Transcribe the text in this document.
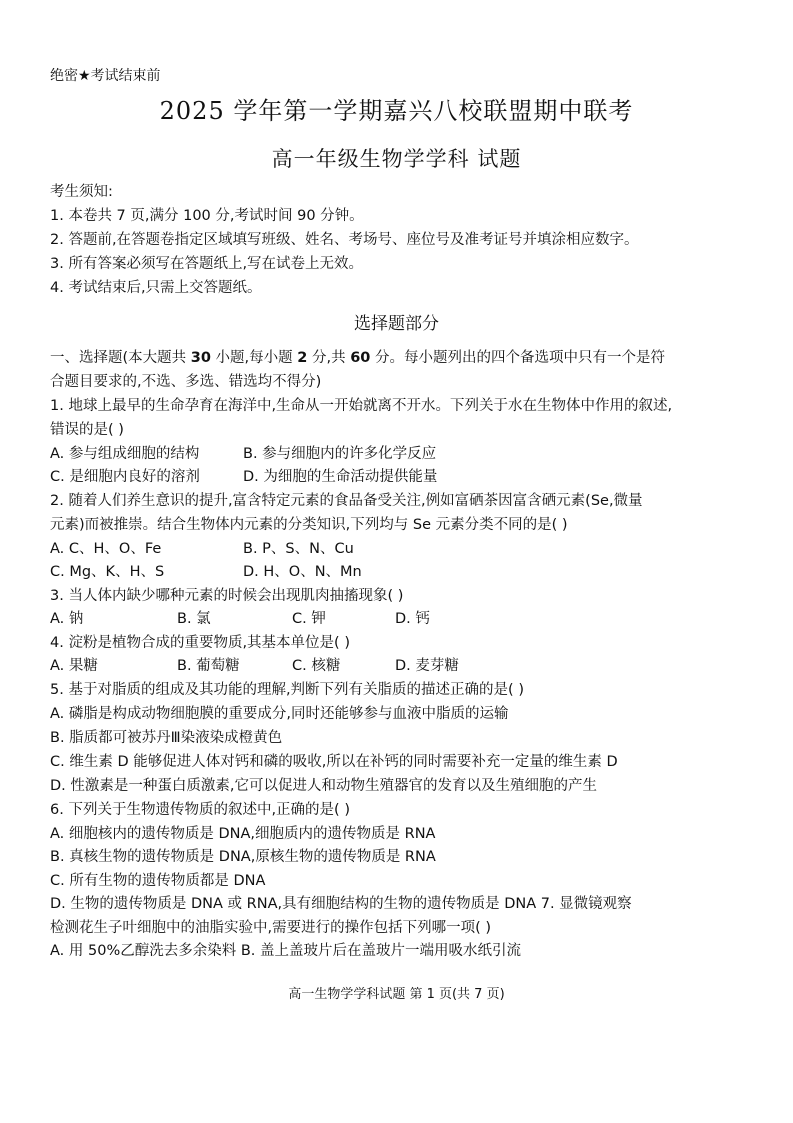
绝密★考试结束前
2025 学年第一学期嘉兴八校联盟期中联考
高一年级生物学学科 试题
考生须知:
1. 本卷共 7 页,满分 100 分,考试时间 90 分钟。
2. 答题前,在答题卷指定区域填写班级、姓名、考场号、座位号及准考证号并填涂相应数字。
3. 所有答案必须写在答题纸上,写在试卷上无效。
4. 考试结束后,只需上交答题纸。
选择题部分
一、选择题(本大题共 30 小题,每小题 2 分,共 60 分。每小题列出的四个备选项中只有一个是符
合题目要求的,不选、多选、错选均不得分)
1. 地球上最早的生命孕育在海洋中,生命从一开始就离不开水。下列关于水在生物体中作用的叙述,
错误的是( )
A. 参与组成细胞的结构	B. 参与细胞内的许多化学反应
C. 是细胞内良好的溶剂	D. 为细胞的生命活动提供能量
2. 随着人们养生意识的提升,富含特定元素的食品备受关注,例如富硒茶因富含硒元素(Se,微量
元素)而被推崇。结合生物体内元素的分类知识,下列均与 Se 元素分类不同的是( )
A. C、H、O、Fe	B. P、S、N、Cu
C. Mg、K、H、S	D. H、O、N、Mn
3. 当人体内缺少哪种元素的时候会出现肌肉抽搐现象( )
A. 钠	B. 氯	C. 钾	D. 钙
4. 淀粉是植物合成的重要物质,其基本单位是( )
A. 果糖	B. 葡萄糖	C. 核糖	D. 麦芽糖
5. 基于对脂质的组成及其功能的理解,判断下列有关脂质的描述正确的是( )
A. 磷脂是构成动物细胞膜的重要成分,同时还能够参与血液中脂质的运输
B. 脂质都可被苏丹Ⅲ染液染成橙黄色
C. 维生素 D 能够促进人体对钙和磷的吸收,所以在补钙的同时需要补充一定量的维生素 D
D. 性激素是一种蛋白质激素,它可以促进人和动物生殖器官的发育以及生殖细胞的产生
6. 下列关于生物遗传物质的叙述中,正确的是( )
A. 细胞核内的遗传物质是 DNA,细胞质内的遗传物质是 RNA
B. 真核生物的遗传物质是 DNA,原核生物的遗传物质是 RNA
C. 所有生物的遗传物质都是 DNA
D. 生物的遗传物质是 DNA 或 RNA,具有细胞结构的生物的遗传物质是 DNA 7. 显微镜观察
检测花生子叶细胞中的油脂实验中,需要进行的操作包括下列哪一项( )
A. 用 50%乙醇洗去多余染料 B. 盖上盖玻片后在盖玻片一端用吸水纸引流
高一生物学学科试题 第 1 页(共 7 页)
